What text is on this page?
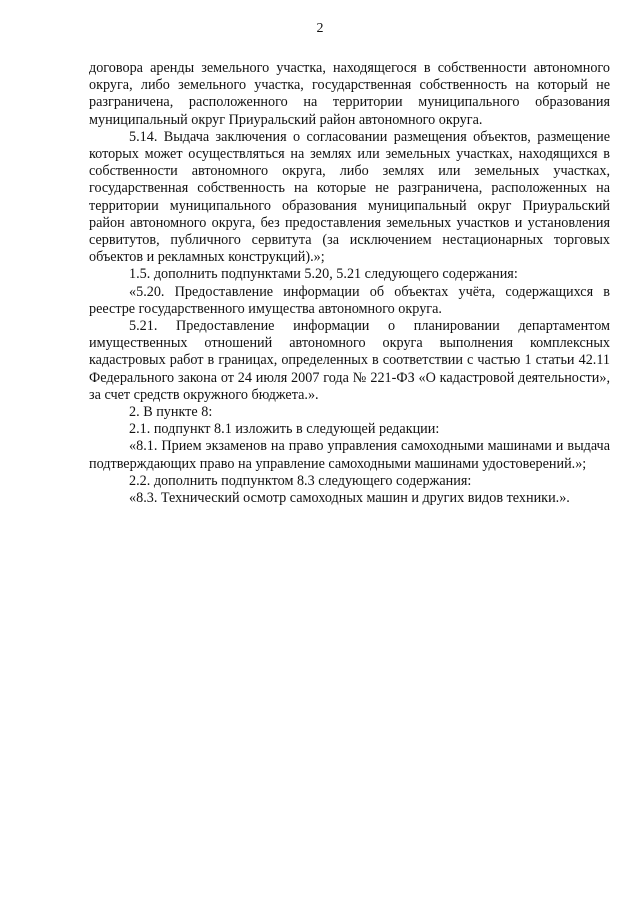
2

договора аренды земельного участка, находящегося в собственности автономного округа, либо земельного участка, государственная собственность на который не разграничена, расположенного на территории муниципального образования муниципальный округ Приуральский район автономного округа.

5.14. Выдача заключения о согласовании размещения объектов, размещение которых может осуществляться на землях или земельных участках, находящихся в собственности автономного округа, либо землях или земельных участках, государственная собственность на которые не разграничена, расположенных на территории муниципального образования муниципальный округ Приуральский район автономного округа, без предоставления земельных участков и установления сервитутов, публичного сервитута (за исключением нестационарных торговых объектов и рекламных конструкций).»;

1.5. дополнить подпунктами 5.20, 5.21 следующего содержания:

«5.20. Предоставление информации об объектах учёта, содержащихся в реестре государственного имущества автономного округа.

5.21. Предоставление информации о планировании департаментом имущественных отношений автономного округа выполнения комплексных кадастровых работ в границах, определенных в соответствии с частью 1 статьи 42.11 Федерального закона от 24 июля 2007 года № 221-ФЗ «О кадастровой деятельности», за счет средств окружного бюджета.».

2. В пункте 8:

2.1. подпункт 8.1 изложить в следующей редакции:

«8.1. Прием экзаменов на право управления самоходными машинами и выдача подтверждающих право на управление самоходными машинами удостоверений.»;

2.2. дополнить подпунктом 8.3 следующего содержания:

«8.3. Технический осмотр самоходных машин и других видов техники.».
